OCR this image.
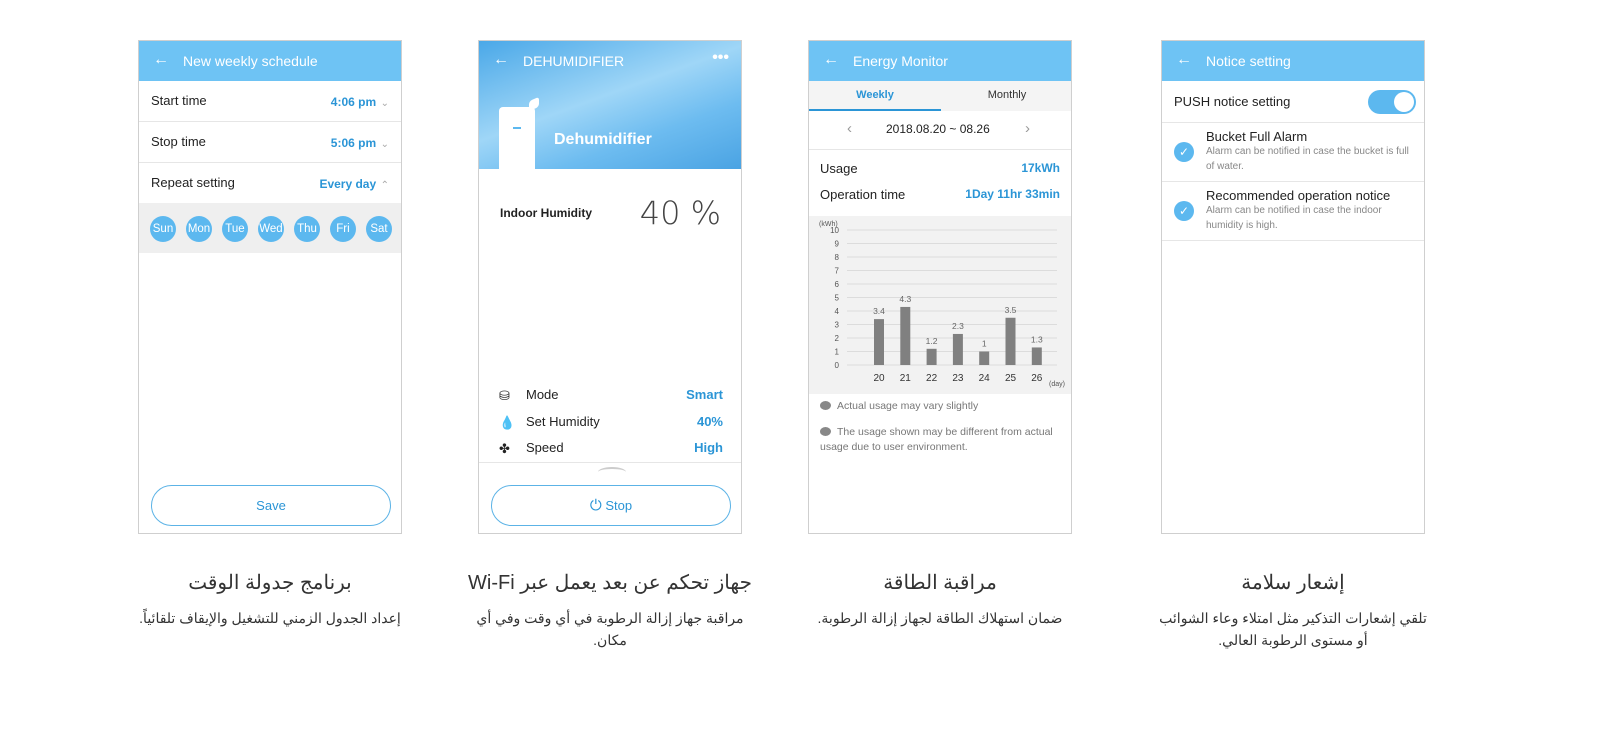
← New weekly schedule
Start time	4:06 pm ⌄
Stop time	5:06 pm ⌄
Repeat setting	Every day ⌃
Sun Mon Tue Wed Thu	Fri	Sat
Save
← DEHUMIDIFIER	•••
Dehumidifier
Indoor Humidity 40 %
⛁ Mode	Smart
💧 Set Humidity	40%
✤ Speed	High
⏻ Stop
← Energy Monitor
Weekly	Monthly
‹	2018.08.20 ~ 08.26 ›
Usage	17kWh
Operation time	1Day 11hr 33min
(kWh)
0
1
2
3
4
5
6
7
8
9
10
3.4
20
4.3
21
1.2
22
2.3
23
1
24
3.5
25
1.3
26
(day)
Actual usage may vary slightly
The usage shown may be different from actual usage due to user environment.
← Notice setting
PUSH notice setting
✓
Bucket Full Alarm
Alarm can be notified in case the bucket is full of water.
✓
Recommended operation notice
Alarm can be notified in case the indoor humidity is high.
برنامج جدولة الوقت
إعداد الجدول الزمني للتشغيل والإيقاف تلقائياً.
جهاز تحكم عن بعد يعمل عبر Wi-Fi
مراقبة جهاز إزالة الرطوبة في أي وقت وفي أي مكان.
مراقبة الطاقة
ضمان استهلاك الطاقة لجهاز إزالة الرطوبة.
إشعار سلامة
تلقي إشعارات التذكير مثل امتلاء وعاء الشوائب أو مستوى الرطوبة العالي.
